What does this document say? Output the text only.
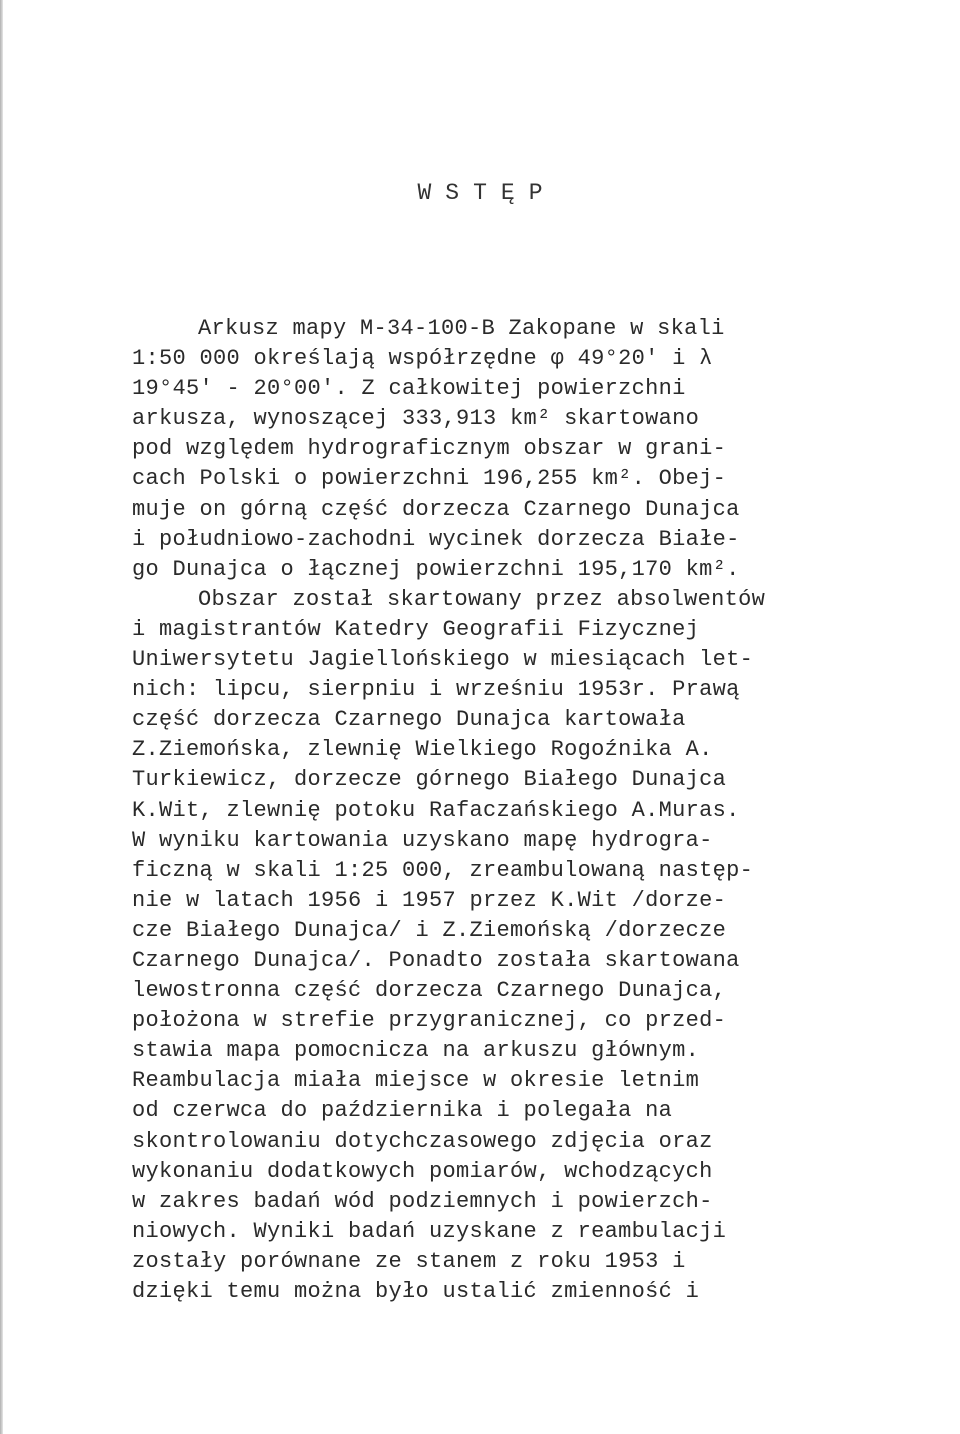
WSTĘP
Arkusz mapy M-34-100-B Zakopane w skali
1:50 000 określają współrzędne φ 49°20' i λ
19°45' - 20°00'. Z całkowitej powierzchni
arkusza, wynoszącej 333,913 km² skartowano
pod względem hydrograficznym obszar w grani-
cach Polski o powierzchni 196,255 km². Obej-
muje on górną część dorzecza Czarnego Dunajca
i południowo-zachodni wycinek dorzecza Białe-
go Dunajca o łącznej powierzchni 195,170 km².
Obszar został skartowany przez absolwentów
i magistrantów Katedry Geografii Fizycznej
Uniwersytetu Jagiellońskiego w miesiącach let-
nich: lipcu, sierpniu i wrześniu 1953r. Prawą
część dorzecza Czarnego Dunajca kartowała
Z.Ziemońska, zlewnię Wielkiego Rogoźnika A.
Turkiewicz, dorzecze górnego Białego Dunajca
K.Wit, zlewnię potoku Rafaczańskiego A.Muras.
W wyniku kartowania uzyskano mapę hydrogra-
ficzną w skali 1:25 000, zreambulowaną następ-
nie w latach 1956 i 1957 przez K.Wit /dorze-
cze Białego Dunajca/ i Z.Ziemońską /dorzecze
Czarnego Dunajca/. Ponadto została skartowana
lewostronna część dorzecza Czarnego Dunajca,
położona w strefie przygranicznej, co przed-
stawia mapa pomocnicza na arkuszu głównym.
Reambulacja miała miejsce w okresie letnim
od czerwca do października i polegała na
skontrolowaniu dotychczasowego zdjęcia oraz
wykonaniu dodatkowych pomiarów, wchodzących
w zakres badań wód podziemnych i powierzch-
niowych. Wyniki badań uzyskane z reambulacji
zostały porównane ze stanem z roku 1953 i
dzięki temu można było ustalić zmienność i
